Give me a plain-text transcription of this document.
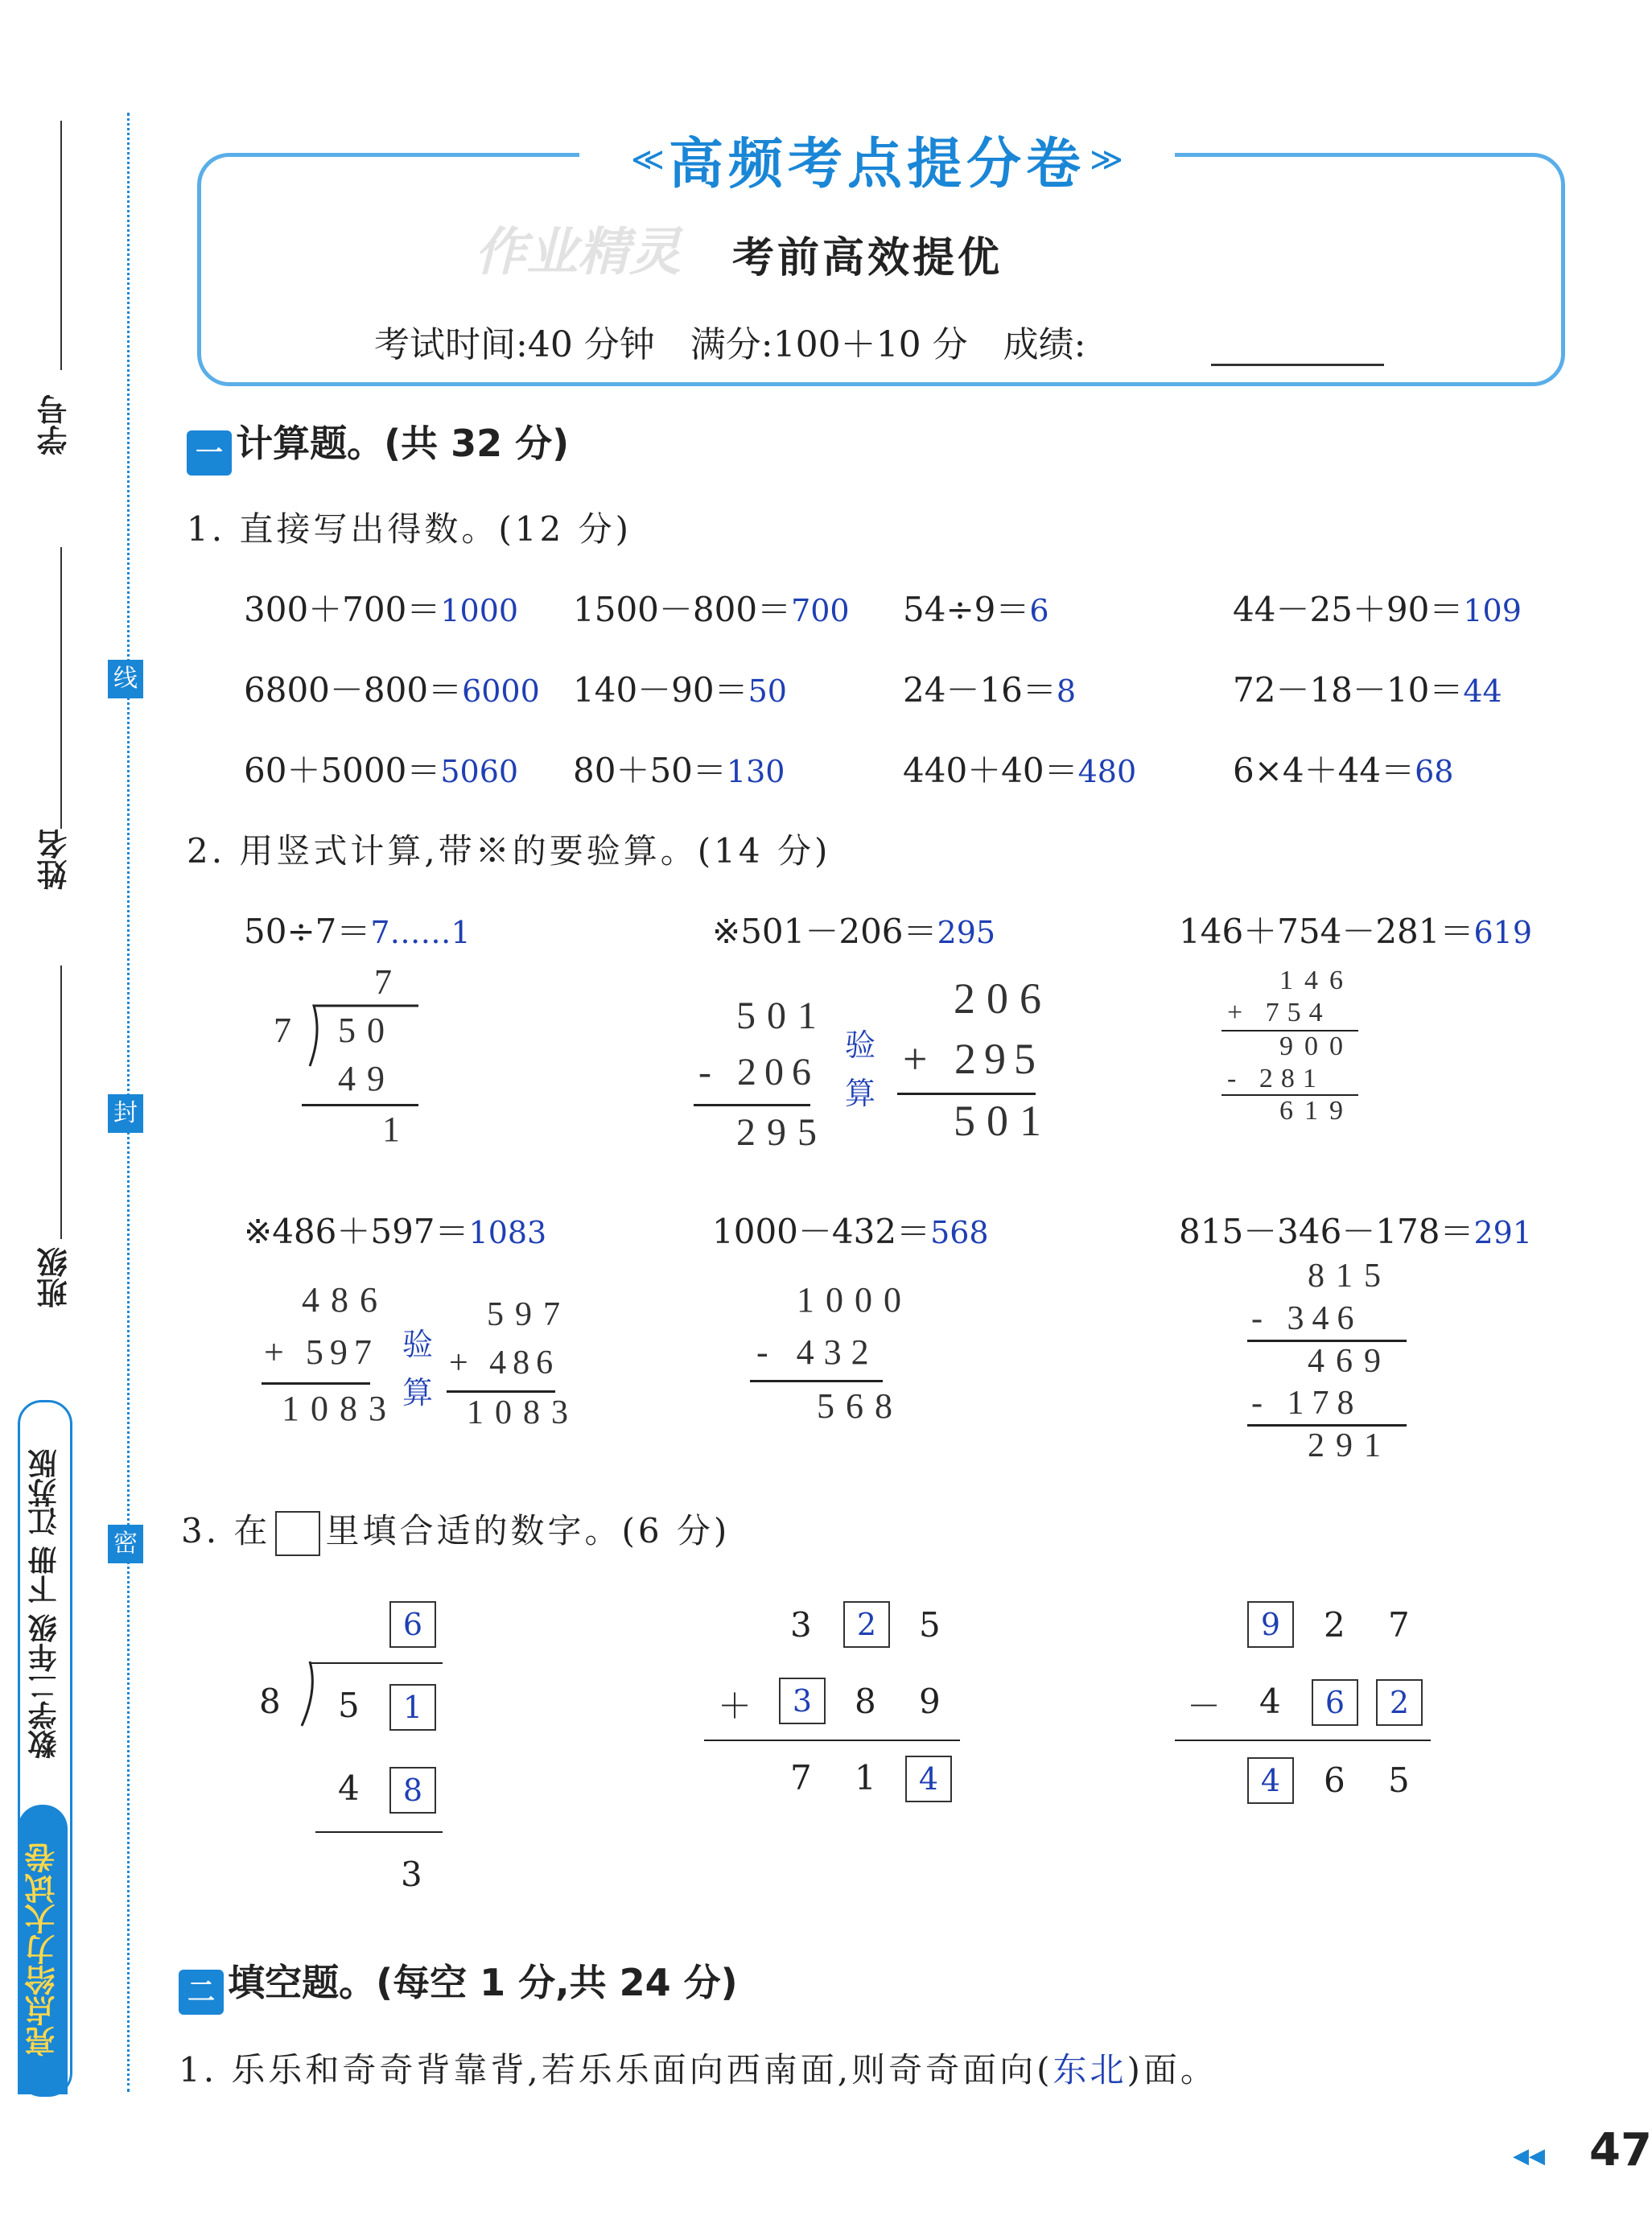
学号
姓名
班级
线
封
密
数学二年级 下册 江苏版
亮点给力大试卷
≪ 高频考点提分卷 ≫
作业精灵 考前高效提优
考试时间:40 分钟　满分:100＋10 分　成绩:
一 计算题。(共 32 分)
1. 直接写出得数。(12 分)
300＋700＝1000 1500－800＝700 54÷9＝6	44－25＋90＝109
6800－800＝6000 140－90＝50	24－16＝8	72－18－10＝44
60＋5000＝5060 80＋50＝130	440＋40＝480	6×4＋44＝68
2. 用竖式计算,带※的要验算。(14 分)
50÷7＝7……1	※501－206＝295	146＋754－281＝619
7
7 50
49
1
501
- 206
295
验
算
206
+ 295
501
146
+ 754
900
- 281
619
※486＋597＝1083	1000－432＝568	815－346－178＝291
486
+ 597
1083
验
算
597
+ 486
1083
1000
- 432
568
815
- 346
469
- 178
291
3. 在 里填合适的数字。(6 分)
6
8 5	1
4	8
3
3	2	5
＋	3	8 9
7 1	4
9	2 7
－ 4	6	2
4	6 5
二 填空题。(每空 1 分,共 24 分)
1. 乐乐和奇奇背靠背,若乐乐面向西南面,则奇奇面向(东北)面。
◀◀ 47
